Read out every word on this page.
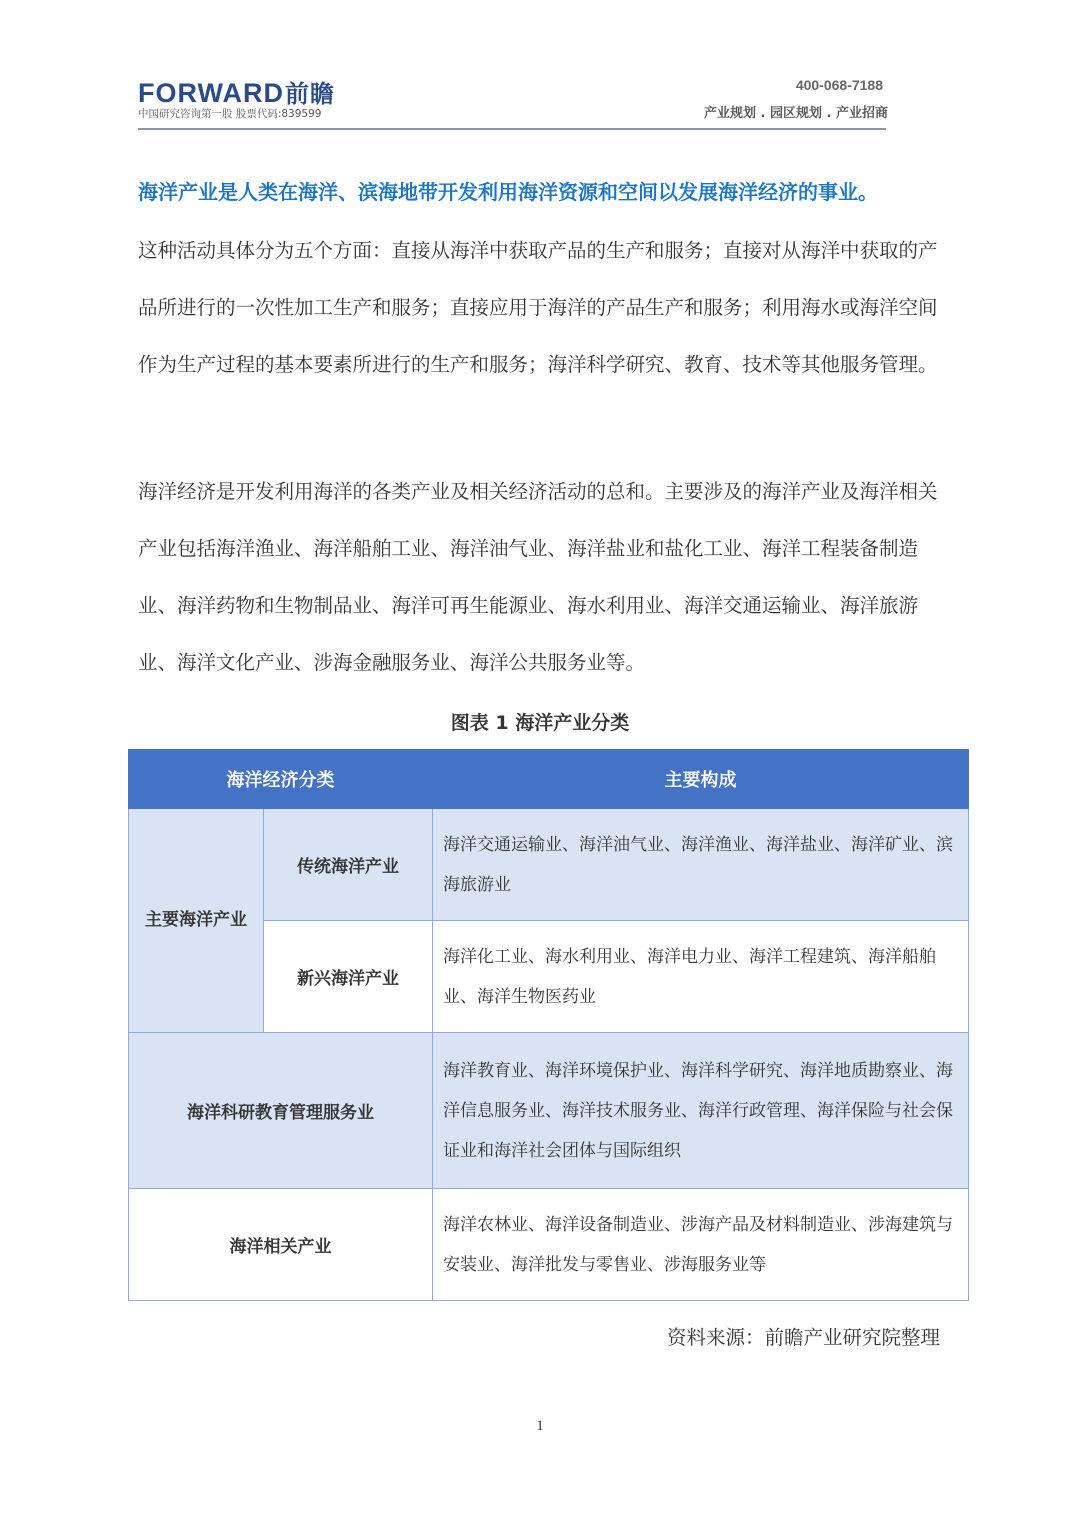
FORWARD前瞻
中国研究咨询第一股 股票代码:839599
400-068-7188
产业规划 . 园区规划 . 产业招商
海洋产业是人类在海洋、滨海地带开发利用海洋资源和空间以发展海洋经济的事业。
这种活动具体分为五个方面：直接从海洋中获取产品的生产和服务；直接对从海洋中获取的产品所进行的一次性加工生产和服务；直接应用于海洋的产品生产和服务；利用海水或海洋空间作为生产过程的基本要素所进行的生产和服务；海洋科学研究、教育、技术等其他服务管理。
海洋经济是开发利用海洋的各类产业及相关经济活动的总和。主要涉及的海洋产业及海洋相关产业包括海洋渔业、海洋船舶工业、海洋油气业、海洋盐业和盐化工业、海洋工程装备制造业、海洋药物和生物制品业、海洋可再生能源业、海水利用业、海洋交通运输业、海洋旅游业、海洋文化产业、涉海金融服务业、海洋公共服务业等。
图表 1 海洋产业分类
海洋经济分类		主要构成
主要海洋产业	传统海洋产业	海洋交通运输业、海洋油气业、海洋渔业、海洋盐业、海洋矿业、滨海旅游业
	新兴海洋产业	海洋化工业、海水利用业、海洋电力业、海洋工程建筑、海洋船舶业、海洋生物医药业
海洋科研教育管理服务业		海洋教育业、海洋环境保护业、海洋科学研究、海洋地质勘察业、海洋信息服务业、海洋技术服务业、海洋行政管理、海洋保险与社会保证业和海洋社会团体与国际组织
海洋相关产业		海洋农林业、海洋设备制造业、涉海产品及材料制造业、涉海建筑与安装业、海洋批发与零售业、涉海服务业等
资料来源：前瞻产业研究院整理
1
